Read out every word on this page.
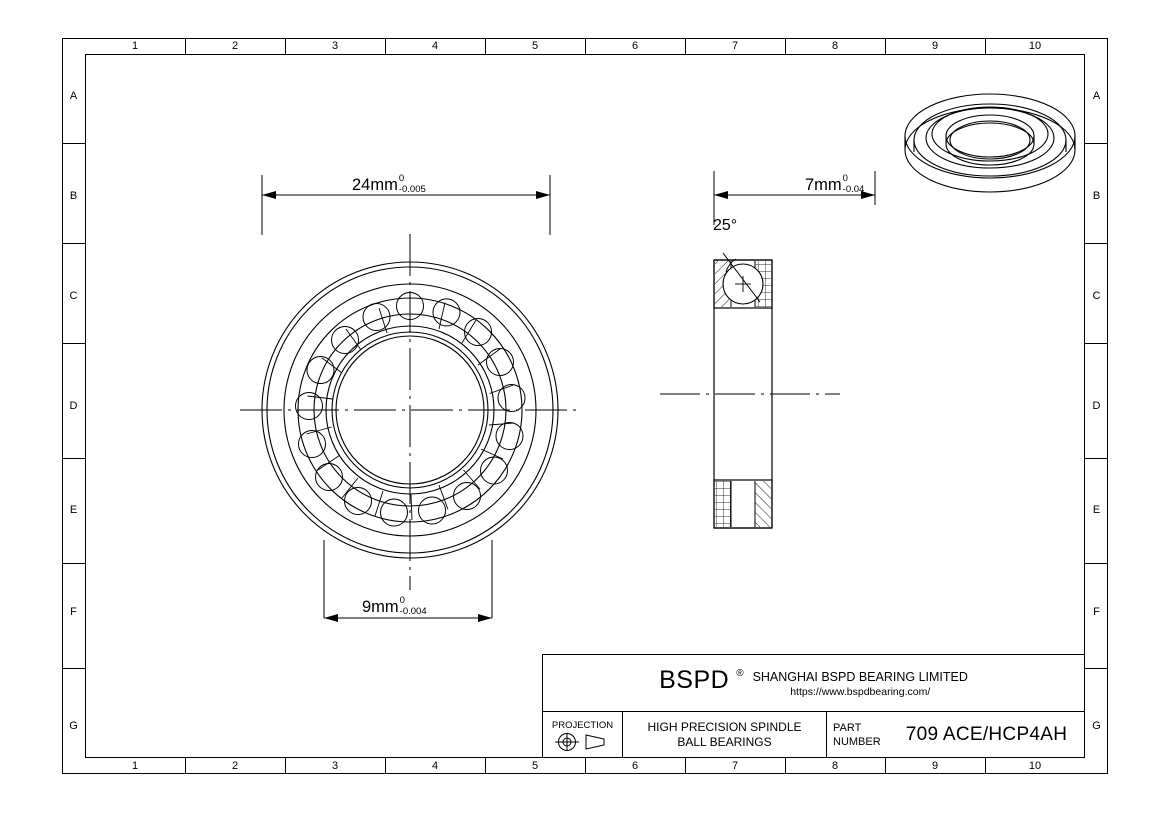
1	2	3	4	5	6	7	8	9	10
1	2	3	4	5	6	7	8	9	10
A
B
C
D
E
F
G
A
B
C
D
E
F
G
24mm 0
-0.005
9mm 0
-0.004
25°
7mm 0
-0.04
BSPD ® SHANGHAI BSPD BEARING LIMITED
https://www.bspdbearing.com/
PROJECTION	HIGH PRECISION SPINDLE
BALL BEARINGS
PART
NUMBER	709 ACE/HCP4AH
